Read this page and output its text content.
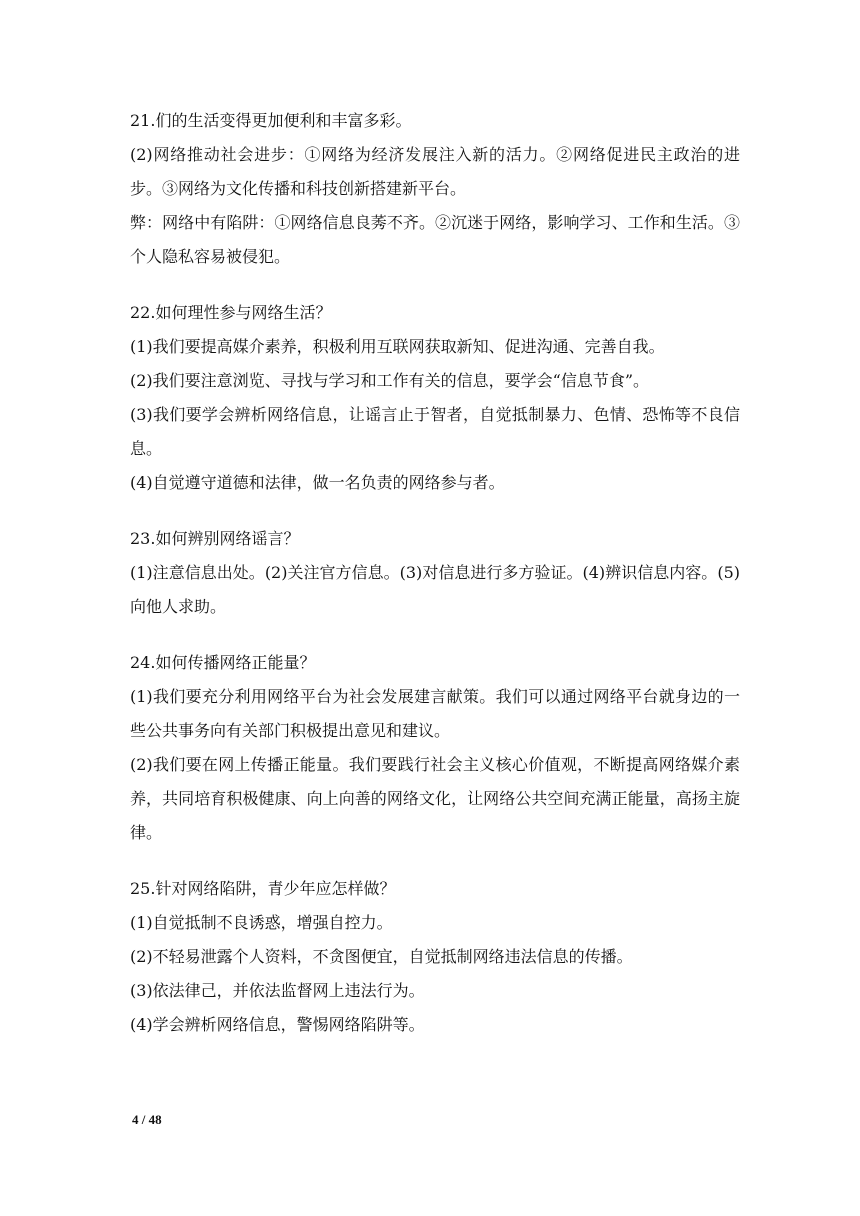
21.们的生活变得更加便利和丰富多彩。
(2)网络推动社会进步：①网络为经济发展注入新的活力。②网络促进民主政治的进步。③网络为文化传播和科技创新搭建新平台。
弊：网络中有陷阱：①网络信息良莠不齐。②沉迷于网络，影响学习、工作和生活。③个人隐私容易被侵犯。
22.如何理性参与网络生活？
(1)我们要提高媒介素养，积极利用互联网获取新知、促进沟通、完善自我。
(2)我们要注意浏览、寻找与学习和工作有关的信息，要学会“信息节食”。
(3)我们要学会辨析网络信息，让谣言止于智者，自觉抵制暴力、色情、恐怖等不良信息。
(4)自觉遵守道德和法律，做一名负责的网络参与者。
23.如何辨别网络谣言？
(1)注意信息出处。(2)关注官方信息。(3)对信息进行多方验证。(4)辨识信息内容。(5)向他人求助。
24.如何传播网络正能量？
(1)我们要充分利用网络平台为社会发展建言献策。我们可以通过网络平台就身边的一些公共事务向有关部门积极提出意见和建议。
(2)我们要在网上传播正能量。我们要践行社会主义核心价值观，不断提高网络媒介素养，共同培育积极健康、向上向善的网络文化，让网络公共空间充满正能量，高扬主旋律。
25.针对网络陷阱，青少年应怎样做？
(1)自觉抵制不良诱惑，增强自控力。
(2)不轻易泄露个人资料，不贪图便宜，自觉抵制网络违法信息的传播。
(3)依法律己，并依法监督网上违法行为。
(4)学会辨析网络信息，警惕网络陷阱等。
4 / 48
